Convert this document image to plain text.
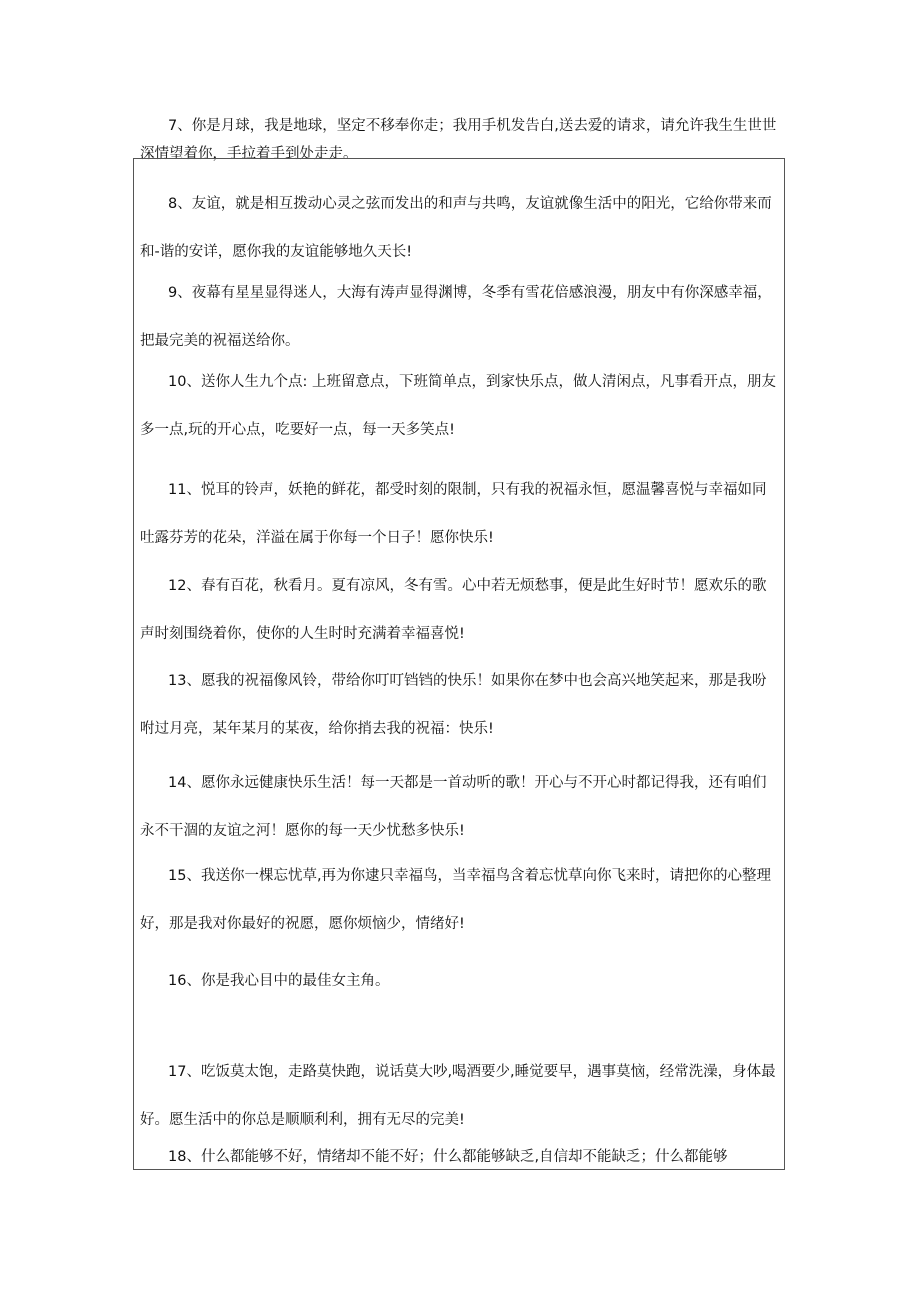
7、你是月球，我是地球，坚定不移奉你走；我用手机发告白,送去爱的请求，请允许我生生世世深情望着你，手拉着手到处走走。

8、友谊，就是相互拨动心灵之弦而发出的和声与共鸣，友谊就像生活中的阳光，它给你带来而和-谐的安详，愿你我的友谊能够地久天长!

9、夜幕有星星显得迷人，大海有涛声显得渊博，冬季有雪花倍感浪漫，朋友中有你深感幸福，把最完美的祝福送给你。

10、送你人生九个点: 上班留意点，下班简单点，到家快乐点，做人清闲点，凡事看开点，朋友多一点,玩的开心点，吃要好一点，每一天多笑点!

11、悦耳的铃声，妖艳的鲜花，都受时刻的限制，只有我的祝福永恒，愿温馨喜悦与幸福如同吐露芬芳的花朵，洋溢在属于你每一个日子！愿你快乐!

12、春有百花，秋看月。夏有凉风，冬有雪。心中若无烦愁事，便是此生好时节！愿欢乐的歌声时刻围绕着你，使你的人生时时充满着幸福喜悦!

13、愿我的祝福像风铃，带给你叮叮铛铛的快乐！如果你在梦中也会高兴地笑起来，那是我吩咐过月亮，某年某月的某夜，给你捎去我的祝福：快乐!

14、愿你永远健康快乐生活！每一天都是一首动听的歌！开心与不开心时都记得我，还有咱们永不干涸的友谊之河！愿你的每一天少忧愁多快乐!

15、我送你一棵忘忧草,再为你逮只幸福鸟，当幸福鸟含着忘忧草向你飞来时，请把你的心整理好，那是我对你最好的祝愿，愿你烦恼少，情绪好!

16、你是我心目中的最佳女主角。

17、吃饭莫太饱，走路莫快跑，说话莫大吵,喝酒要少,睡觉要早，遇事莫恼，经常洗澡，身体最好。愿生活中的你总是顺顺利利，拥有无尽的完美!

18、什么都能够不好，情绪却不能不好；什么都能够缺乏,自信却不能缺乏；什么都能够
